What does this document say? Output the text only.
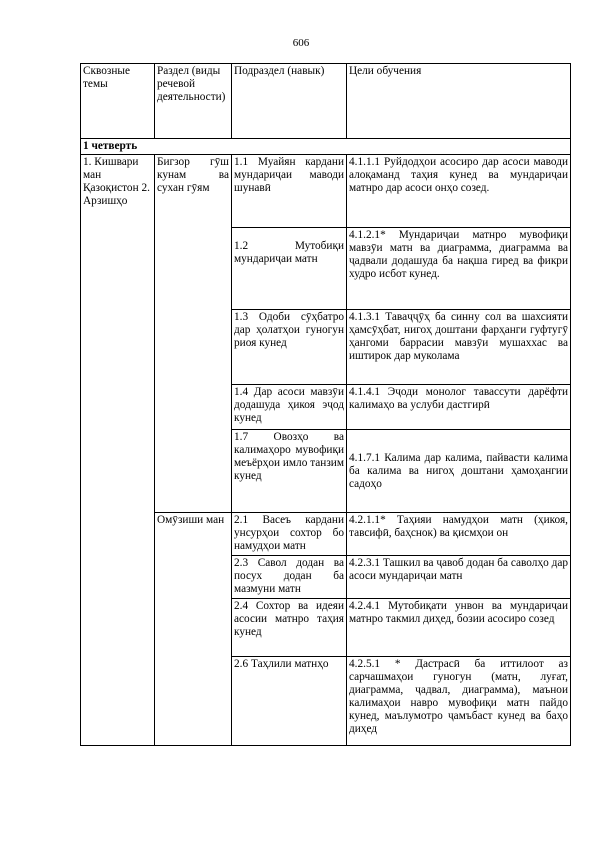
606
Сквозные темы	Раздел (виды речевой деятельности)	Подраздел (навык)	Цели обучения
1 четверть			
1. Кишвари ман Қазоқистон 2. Арзишҳо	Бигзор гӯш кунам ва сухан гӯям	1.1 Муайян кардани мундариҷаи маводи шунавӣ	4.1.1.1 Руйдодҳои асосиро дар асоси маводи алоқаманд таҳия кунед ва мундариҷаи матнро дар асоси онҳо созед.
		1.2 Мутобиқи мундариҷаи матн	4.1.2.1* Мундариҷаи матнро мувофиқи мавзӯи матн ва диаграмма, диаграмма ва ҷадвали додашуда ба нақша гиред ва фикри худро исбот кунед.
		1.3 Одоби сӯҳбатро дар ҳолатҳои гуногун риоя кунед	4.1.3.1 Таваҷҷӯҳ ба синну сол ва шахсияти ҳамсӯҳбат, нигоҳ доштани фарҳанги гуфтугӯ ҳангоми баррасии мавзӯи мушаххас ва иштирок дар муколама
		1.4 Дар асоси мавзӯи додашуда ҳикоя эҷод кунед	4.1.4.1 Эҷоди монолог тавассути дарёфти калимаҳо ва услуби дастгирӣ
		1.7 Овозҳо ва калимаҳоро мувофиқи меъёрҳои имло танзим кунед	4.1.7.1 Калима дар калима, пайвасти калима ба калима ва нигоҳ доштани ҳамоҳангии садоҳо
	Омӯзиши ман	2.1 Васеъ кардани унсурҳои сохтор бо намудҳои матн	4.2.1.1* Таҳияи намудҳои матн (ҳикоя, тавсифӣ, баҳснок) ва қисмҳои он
		2.3 Савол додан ва посух додан ба мазмуни матн	4.2.3.1 Ташкил ва ҷавоб додан ба саволҳо дар асоси мундариҷаи матн
		2.4 Сохтор ва идеяи асосии матнро таҳия кунед	4.2.4.1 Мутобиқати унвон ва мундариҷаи матнро такмил диҳед, бозии асосиро созед
		2.6 Таҳлили матнҳо	4.2.5.1 * Дастрасӣ ба иттилоот аз сарчашмаҳои гуногун (матн, луғат, диаграмма, ҷадвал, диаграмма), маънои калимаҳои навро мувофиқи матн пайдо кунед, маълумотро ҷамъбаст кунед ва баҳо диҳед
